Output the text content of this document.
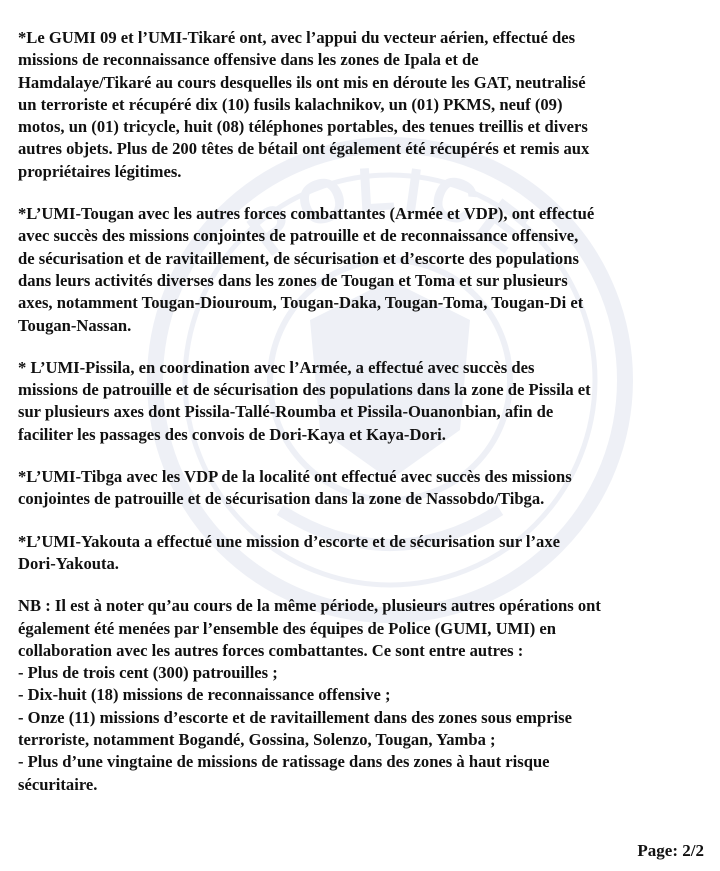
POLICE
*Le GUMI 09 et l’UMI-Tikaré ont, avec l’appui du vecteur aérien, effectué des
missions de reconnaissance offensive dans les zones de Ipala et de
Hamdalaye/Tikaré au cours desquelles ils ont mis en déroute les GAT, neutralisé
un terroriste et récupéré dix (10) fusils kalachnikov, un (01) PKMS, neuf (09)
motos, un (01) tricycle, huit (08) téléphones portables, des tenues treillis et divers
autres objets. Plus de 200 têtes de bétail ont également été récupérés et remis aux
propriétaires légitimes.
*L’UMI-Tougan avec les autres forces combattantes (Armée et VDP), ont effectué
avec succès des missions conjointes de patrouille et de reconnaissance offensive,
de sécurisation et de ravitaillement, de sécurisation et d’escorte des populations
dans leurs activités diverses dans les zones de Tougan et Toma et sur plusieurs
axes, notamment Tougan-Diouroum, Tougan-Daka, Tougan-Toma, Tougan-Di et
Tougan-Nassan.
* L’UMI-Pissila, en coordination avec l’Armée, a effectué avec succès des
missions de patrouille et de sécurisation des populations dans la zone de Pissila et
sur plusieurs axes dont Pissila-Tallé-Roumba et Pissila-Ouanonbian, afin de
faciliter les passages des convois de Dori-Kaya et Kaya-Dori.
*L’UMI-Tibga avec les VDP de la localité ont effectué avec succès des missions
conjointes de patrouille et de sécurisation dans la zone de Nassobdo/Tibga.
*L’UMI-Yakouta a effectué une mission d’escorte et de sécurisation sur l’axe
Dori-Yakouta.
NB : Il est à noter qu’au cours de la même période, plusieurs autres opérations ont
également été menées par l’ensemble des équipes de Police (GUMI, UMI) en
collaboration avec les autres forces combattantes. Ce sont entre autres :
- Plus de trois cent (300) patrouilles ;
- Dix-huit (18) missions de reconnaissance offensive ;
- Onze (11) missions d’escorte et de ravitaillement dans des zones sous emprise
terroriste, notamment Bogandé, Gossina, Solenzo, Tougan, Yamba ;
- Plus d’une vingtaine de missions de ratissage dans des zones à haut risque
sécuritaire.
Page: 2/2
